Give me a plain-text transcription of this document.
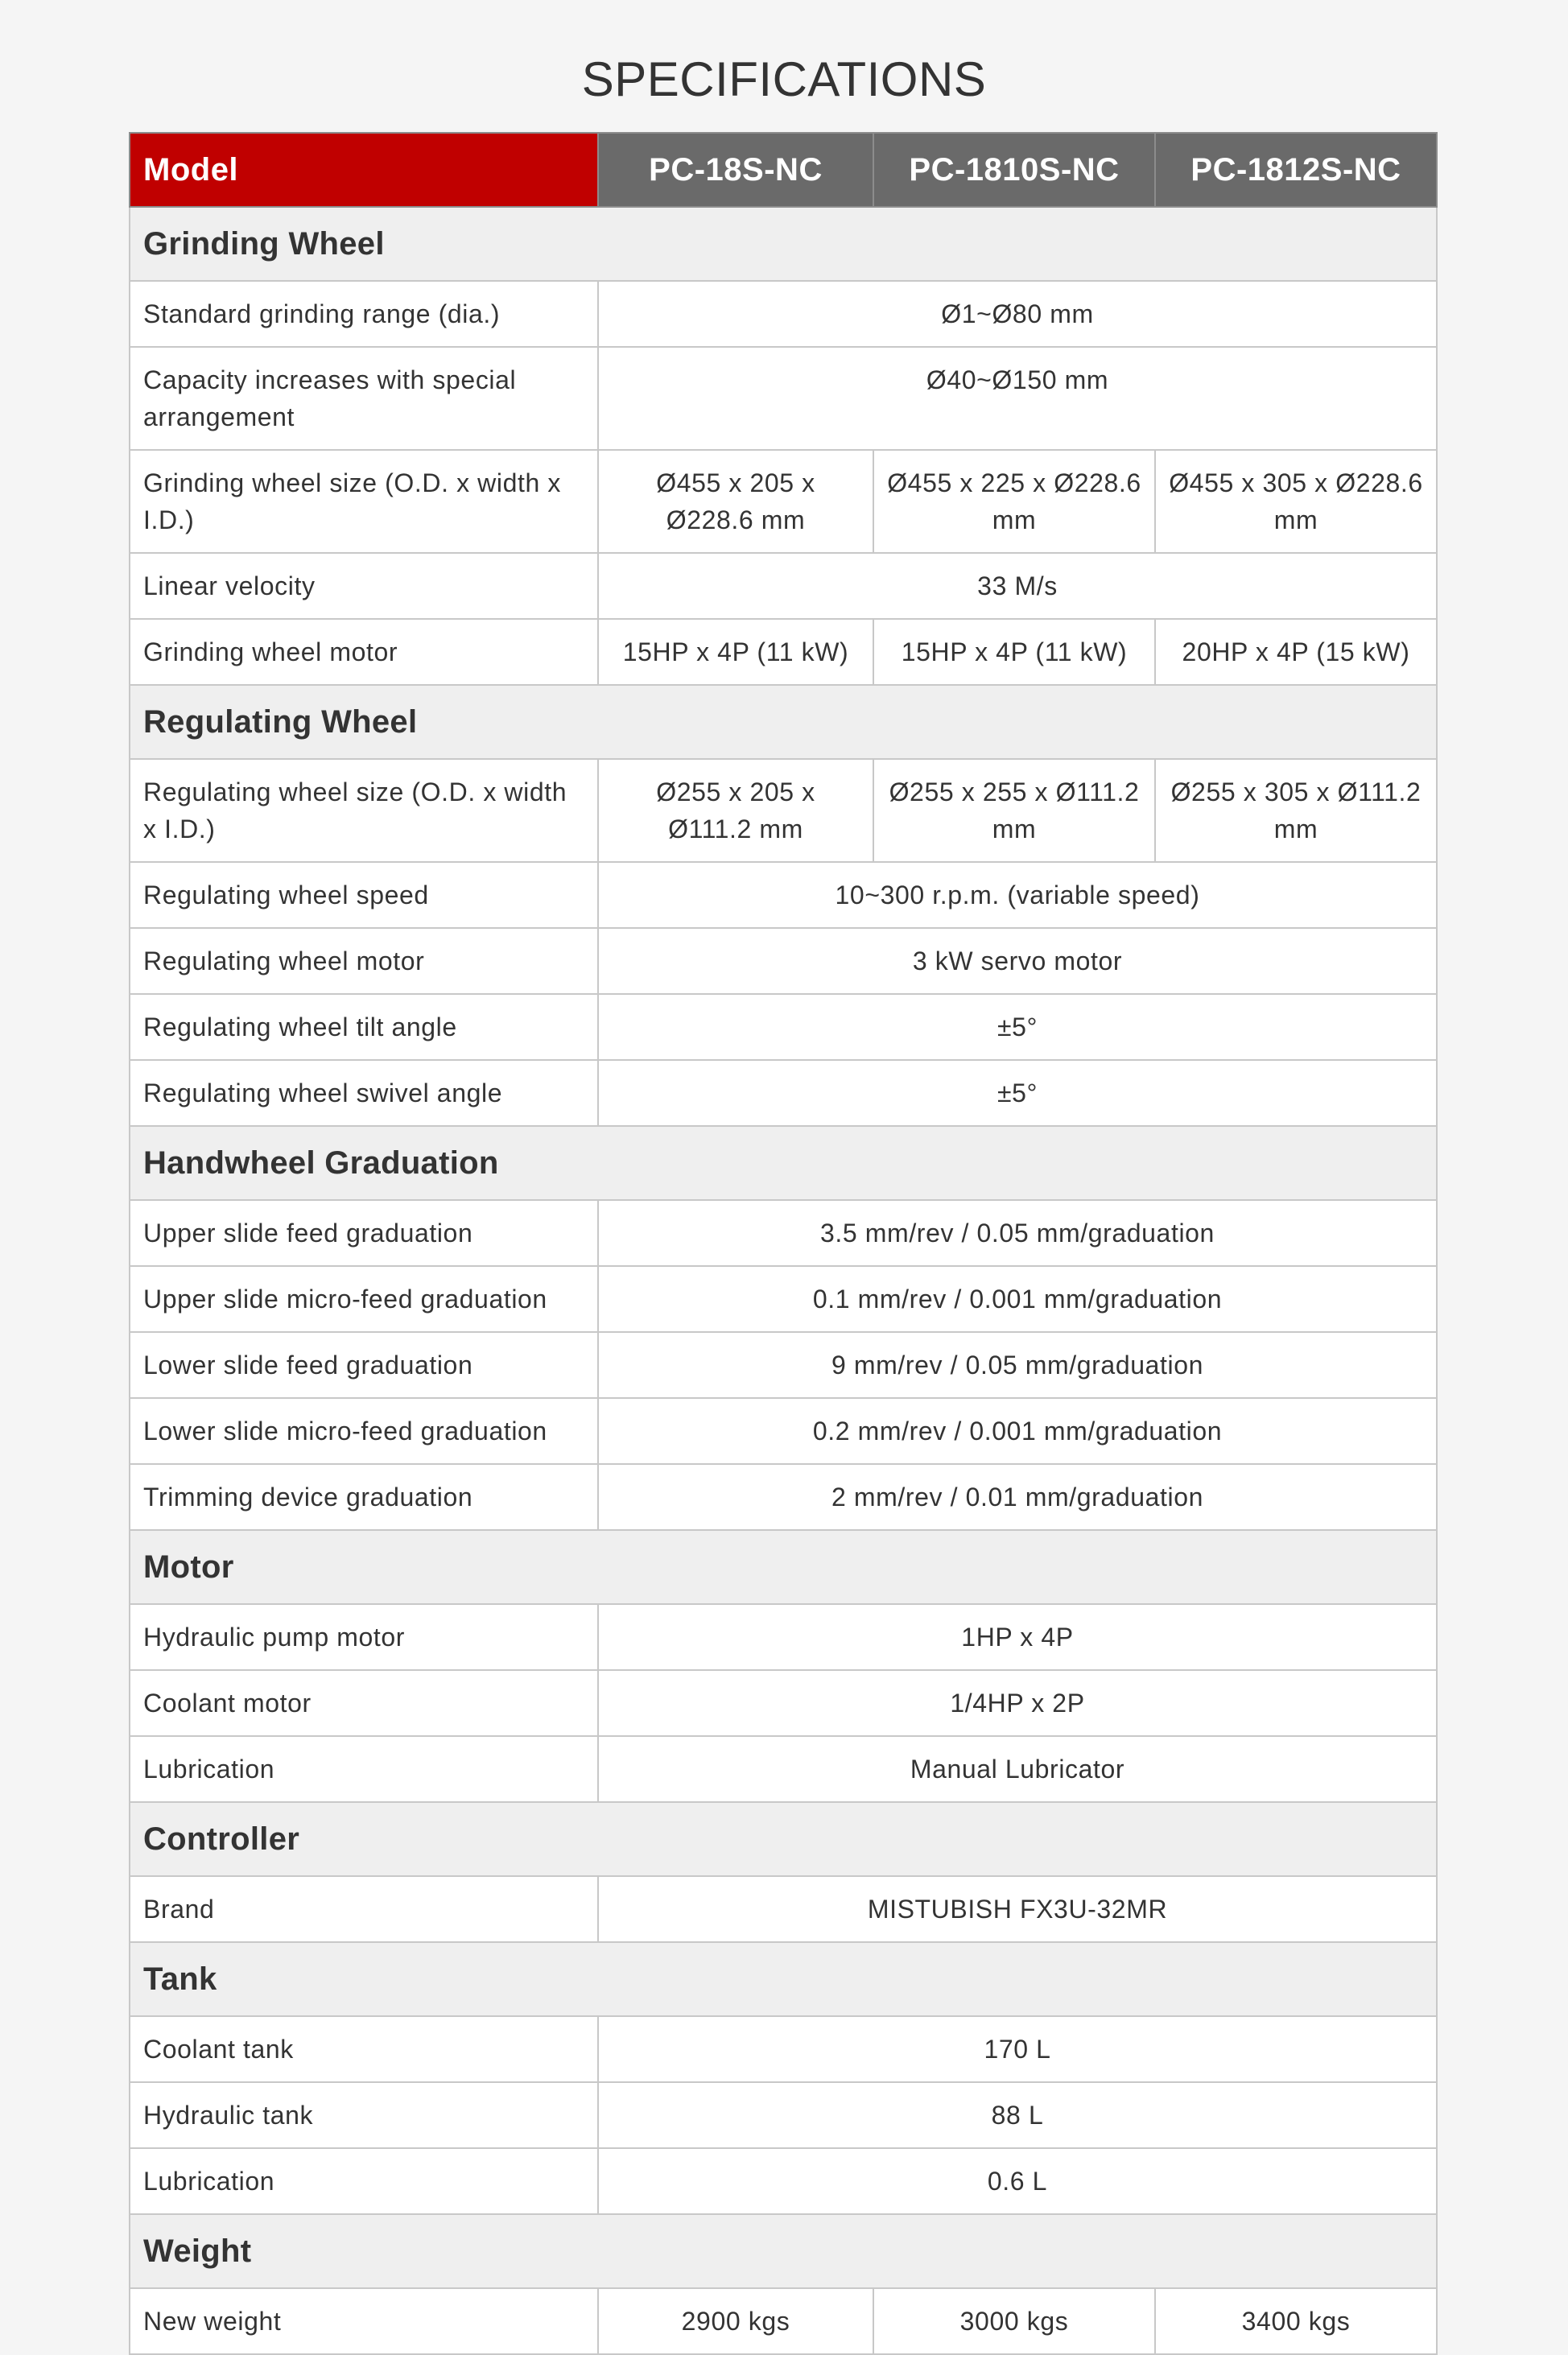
SPECIFICATIONS
Model	PC-18S-NC	PC-1810S-NC	PC-1812S-NC
Grinding Wheel			
Standard grinding range (dia.)	Ø1~Ø80 mm		
Capacity increases with special arrangement	Ø40~Ø150 mm		
Grinding wheel size (O.D. x width x I.D.)	Ø455 x 205 x Ø228.6 mm	Ø455 x 225 x Ø228.6 mm	Ø455 x 305 x Ø228.6 mm
Linear velocity	33 M/s		
Grinding wheel motor	15HP x 4P (11 kW)	15HP x 4P (11 kW)	20HP x 4P (15 kW)
Regulating Wheel			
Regulating wheel size (O.D. x width x I.D.)	Ø255 x 205 x Ø111.2 mm	Ø255 x 255 x Ø111.2 mm	Ø255 x 305 x Ø111.2 mm
Regulating wheel speed	10~300 r.p.m. (variable speed)		
Regulating wheel motor	3 kW servo motor		
Regulating wheel tilt angle	±5°		
Regulating wheel swivel angle	±5°		
Handwheel Graduation			
Upper slide feed graduation	3.5 mm/rev / 0.05 mm/graduation		
Upper slide micro-feed graduation	0.1 mm/rev / 0.001 mm/graduation		
Lower slide feed graduation	9 mm/rev / 0.05 mm/graduation		
Lower slide micro-feed graduation	0.2 mm/rev / 0.001 mm/graduation		
Trimming device graduation	2 mm/rev / 0.01 mm/graduation		
Motor			
Hydraulic pump motor	1HP x 4P		
Coolant motor	1/4HP x 2P		
Lubrication	Manual Lubricator		
Controller			
Brand	MISTUBISH FX3U-32MR		
Tank			
Coolant tank	170 L		
Hydraulic tank	88 L		
Lubrication	0.6 L		
Weight			
New weight	2900 kgs	3000 kgs	3400 kgs
